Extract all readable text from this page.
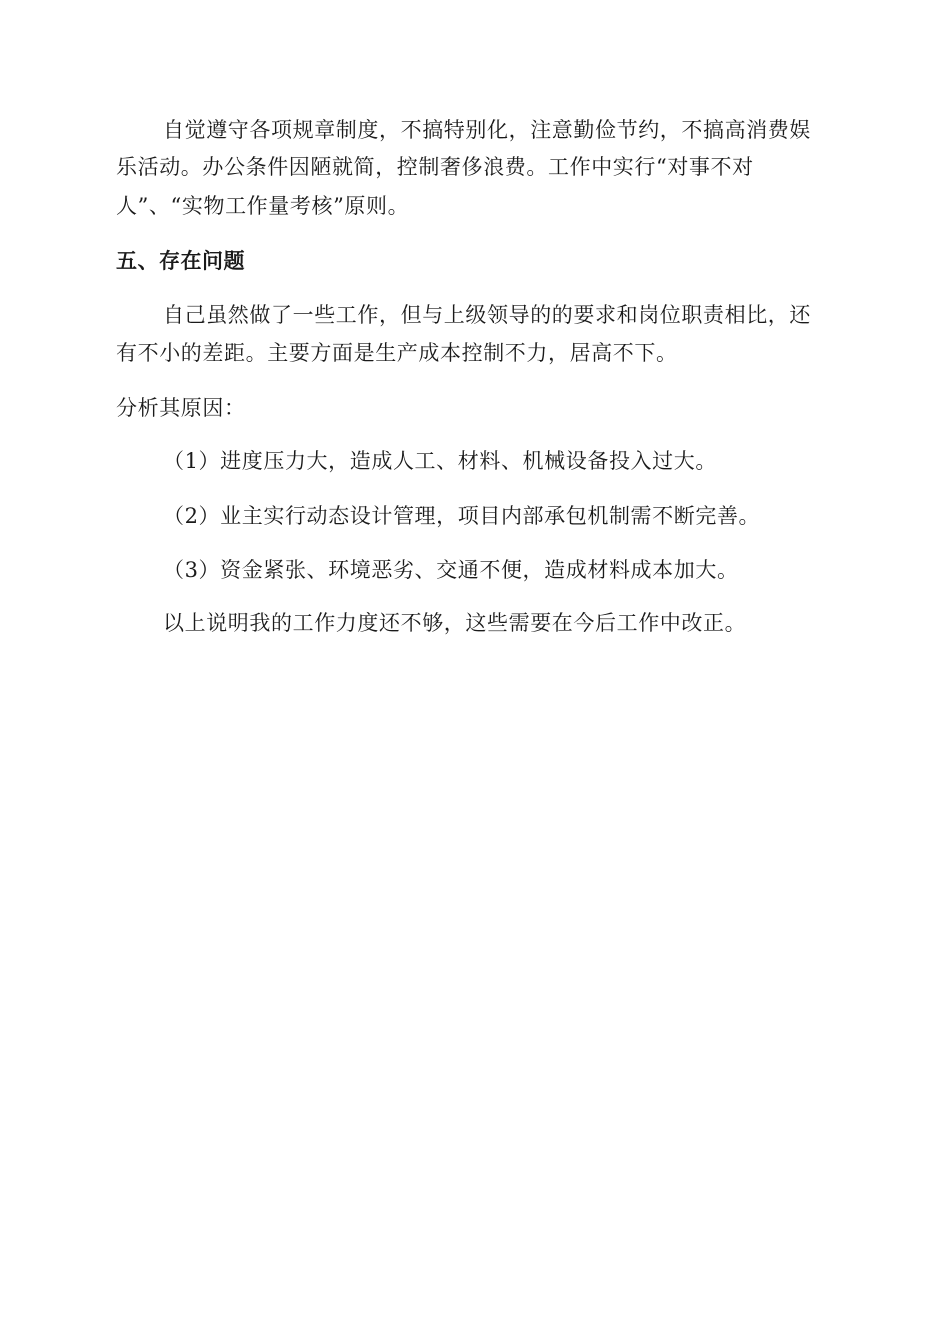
自觉遵守各项规章制度，不搞特别化，注意勤俭节约，不搞高消费娱
乐活动。办公条件因陋就简，控制奢侈浪费。工作中实行“对事不对
人”、“实物工作量考核”原则。
五、存在问题
自己虽然做了一些工作，但与上级领导的的要求和岗位职责相比，还
有不小的差距。主要方面是生产成本控制不力，居高不下。
分析其原因：
（1）进度压力大，造成人工、材料、机械设备投入过大。
（2）业主实行动态设计管理，项目内部承包机制需不断完善。
（3）资金紧张、环境恶劣、交通不便，造成材料成本加大。
以上说明我的工作力度还不够，这些需要在今后工作中改正。
